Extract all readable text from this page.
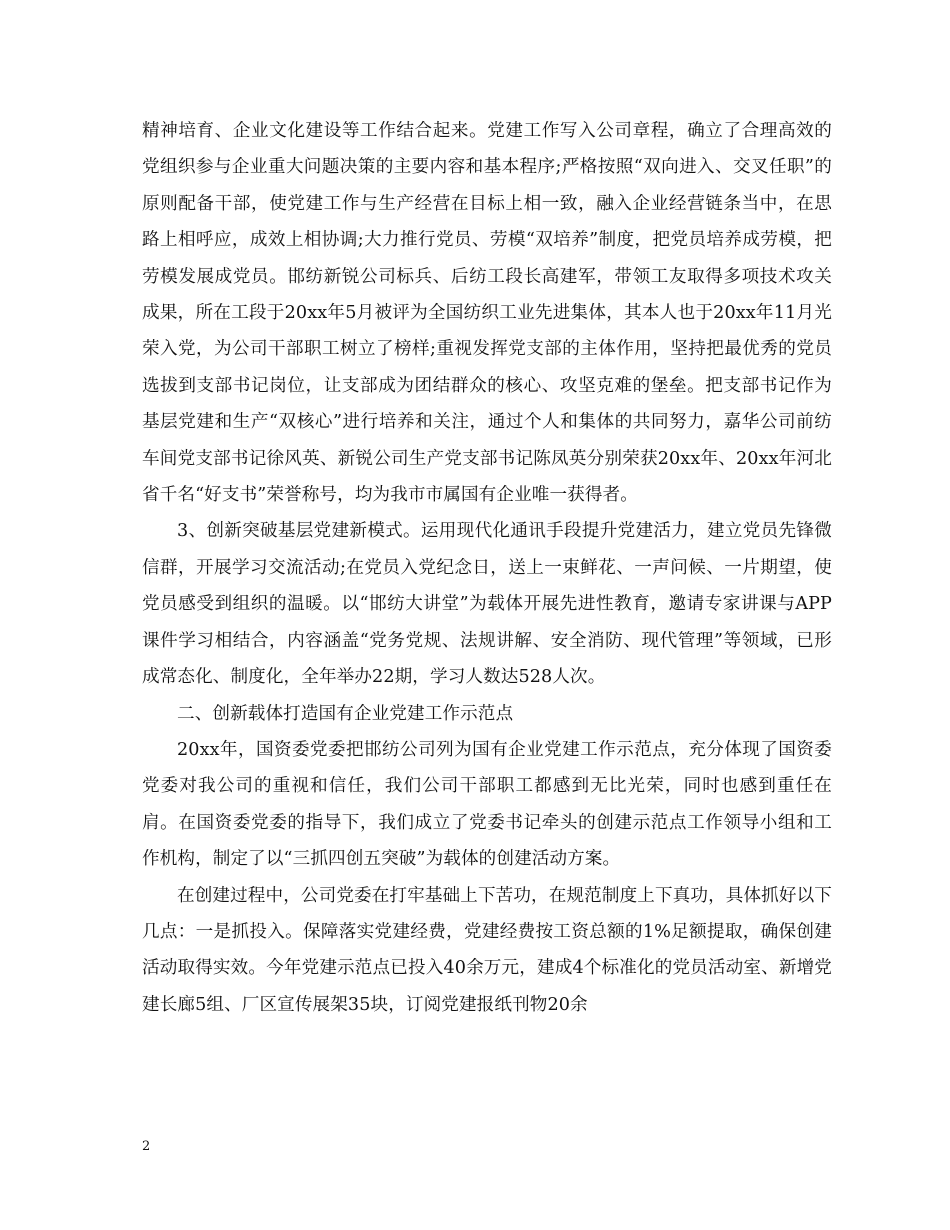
精神培育、企业文化建设等工作结合起来。党建工作写入公司章程，确立了合理高效的党组织参与企业重大问题决策的主要内容和基本程序;严格按照“双向进入、交叉任职”的原则配备干部，使党建工作与生产经营在目标上相一致，融入企业经营链条当中，在思路上相呼应，成效上相协调;大力推行党员、劳模“双培养”制度，把党员培养成劳模，把劳模发展成党员。邯纺新锐公司标兵、后纺工段长高建军，带领工友取得多项技术攻关成果，所在工段于20xx年5月被评为全国纺织工业先进集体，其本人也于20xx年11月光荣入党，为公司干部职工树立了榜样;重视发挥党支部的主体作用，坚持把最优秀的党员选拔到支部书记岗位，让支部成为团结群众的核心、攻坚克难的堡垒。把支部书记作为基层党建和生产“双核心”进行培养和关注，通过个人和集体的共同努力，嘉华公司前纺车间党支部书记徐风英、新锐公司生产党支部书记陈凤英分别荣获20xx年、20xx年河北省千名“好支书”荣誉称号，均为我市市属国有企业唯一获得者。

3、创新突破基层党建新模式。运用现代化通讯手段提升党建活力，建立党员先锋微信群，开展学习交流活动;在党员入党纪念日，送上一束鲜花、一声问候、一片期望，使党员感受到组织的温暖。以“邯纺大讲堂”为载体开展先进性教育，邀请专家讲课与APP课件学习相结合，内容涵盖“党务党规、法规讲解、安全消防、现代管理”等领域，已形成常态化、制度化，全年举办22期，学习人数达528人次。

二、创新载体打造国有企业党建工作示范点

20xx年，国资委党委把邯纺公司列为国有企业党建工作示范点，充分体现了国资委党委对我公司的重视和信任，我们公司干部职工都感到无比光荣，同时也感到重任在肩。在国资委党委的指导下，我们成立了党委书记牵头的创建示范点工作领导小组和工作机构，制定了以“三抓四创五突破”为载体的创建活动方案。

在创建过程中，公司党委在打牢基础上下苦功，在规范制度上下真功，具体抓好以下几点：一是抓投入。保障落实党建经费，党建经费按工资总额的1%足额提取，确保创建活动取得实效。今年党建示范点已投入40余万元，建成4个标准化的党员活动室、新增党建长廊5组、厂区宣传展架35块，订阅党建报纸刊物20余

2
